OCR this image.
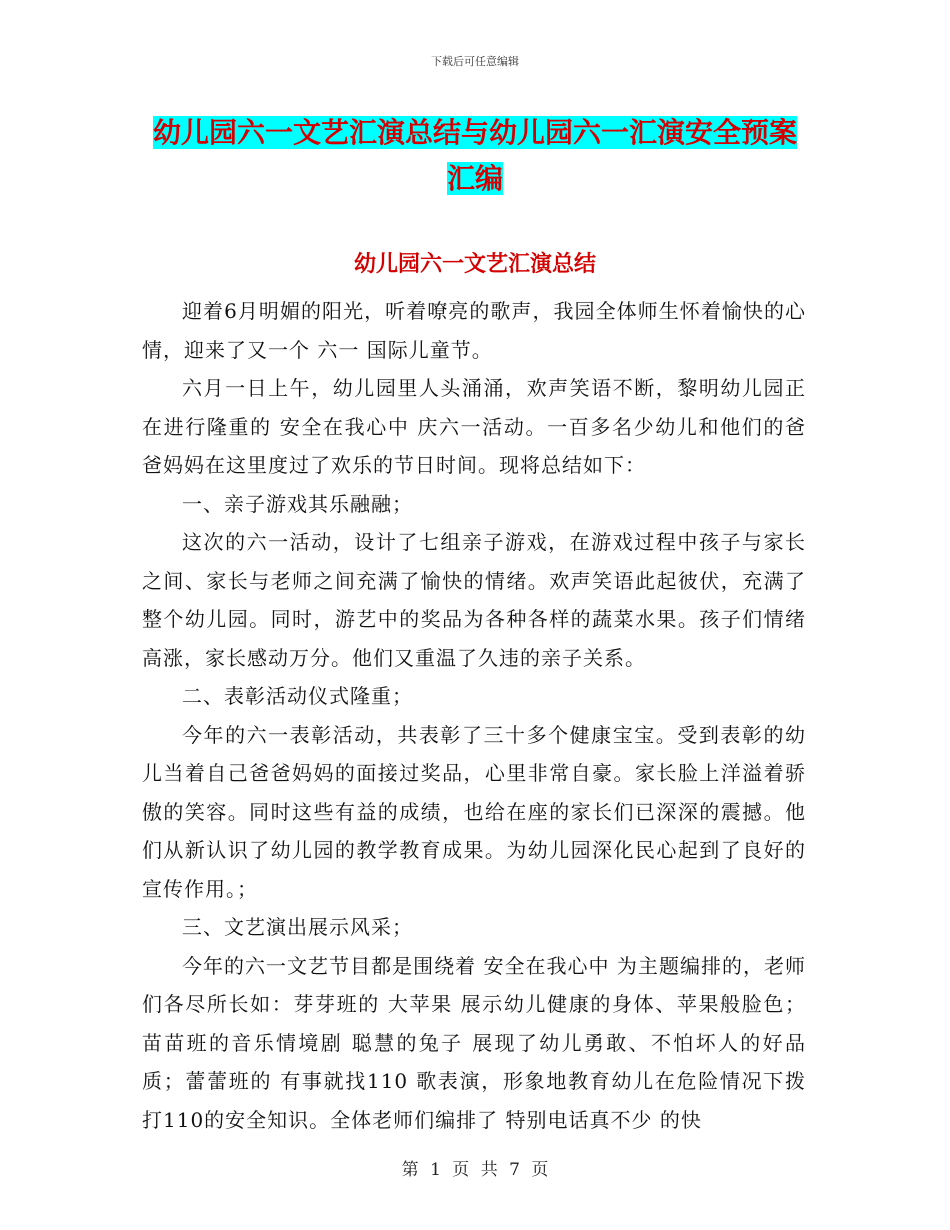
下载后可任意编辑
幼儿园六一文艺汇演总结与幼儿园六一汇演安全预案
汇编
幼儿园六一文艺汇演总结

迎着6月明媚的阳光，听着嘹亮的歌声，我园全体师生怀着愉快的心情，迎来了又一个 六一 国际儿童节。

六月一日上午，幼儿园里人头涌涌，欢声笑语不断，黎明幼儿园正在进行隆重的 安全在我心中 庆六一活动。一百多名少幼儿和他们的爸爸妈妈在这里度过了欢乐的节日时间。现将总结如下：

一、亲子游戏其乐融融；

这次的六一活动，设计了七组亲子游戏，在游戏过程中孩子与家长之间、家长与老师之间充满了愉快的情绪。欢声笑语此起彼伏，充满了整个幼儿园。同时，游艺中的奖品为各种各样的蔬菜水果。孩子们情绪高涨，家长感动万分。他们又重温了久违的亲子关系。

二、表彰活动仪式隆重；

今年的六一表彰活动，共表彰了三十多个健康宝宝。受到表彰的幼儿当着自己爸爸妈妈的面接过奖品，心里非常自豪。家长脸上洋溢着骄傲的笑容。同时这些有益的成绩，也给在座的家长们已深深的震撼。他们从新认识了幼儿园的教学教育成果。为幼儿园深化民心起到了良好的宣传作用。；

三、文艺演出展示风采；

今年的六一文艺节目都是围绕着 安全在我心中 为主题编排的，老师们各尽所长如：芽芽班的 大苹果 展示幼儿健康的身体、苹果般脸色；苗苗班的音乐情境剧 聪慧的兔子 展现了幼儿勇敢、不怕坏人的好品质；蕾蕾班的 有事就找110 歌表演，形象地教育幼儿在危险情况下拨打110的安全知识。全体老师们编排了 特别电话真不少 的快

第 1 页 共 7 页
